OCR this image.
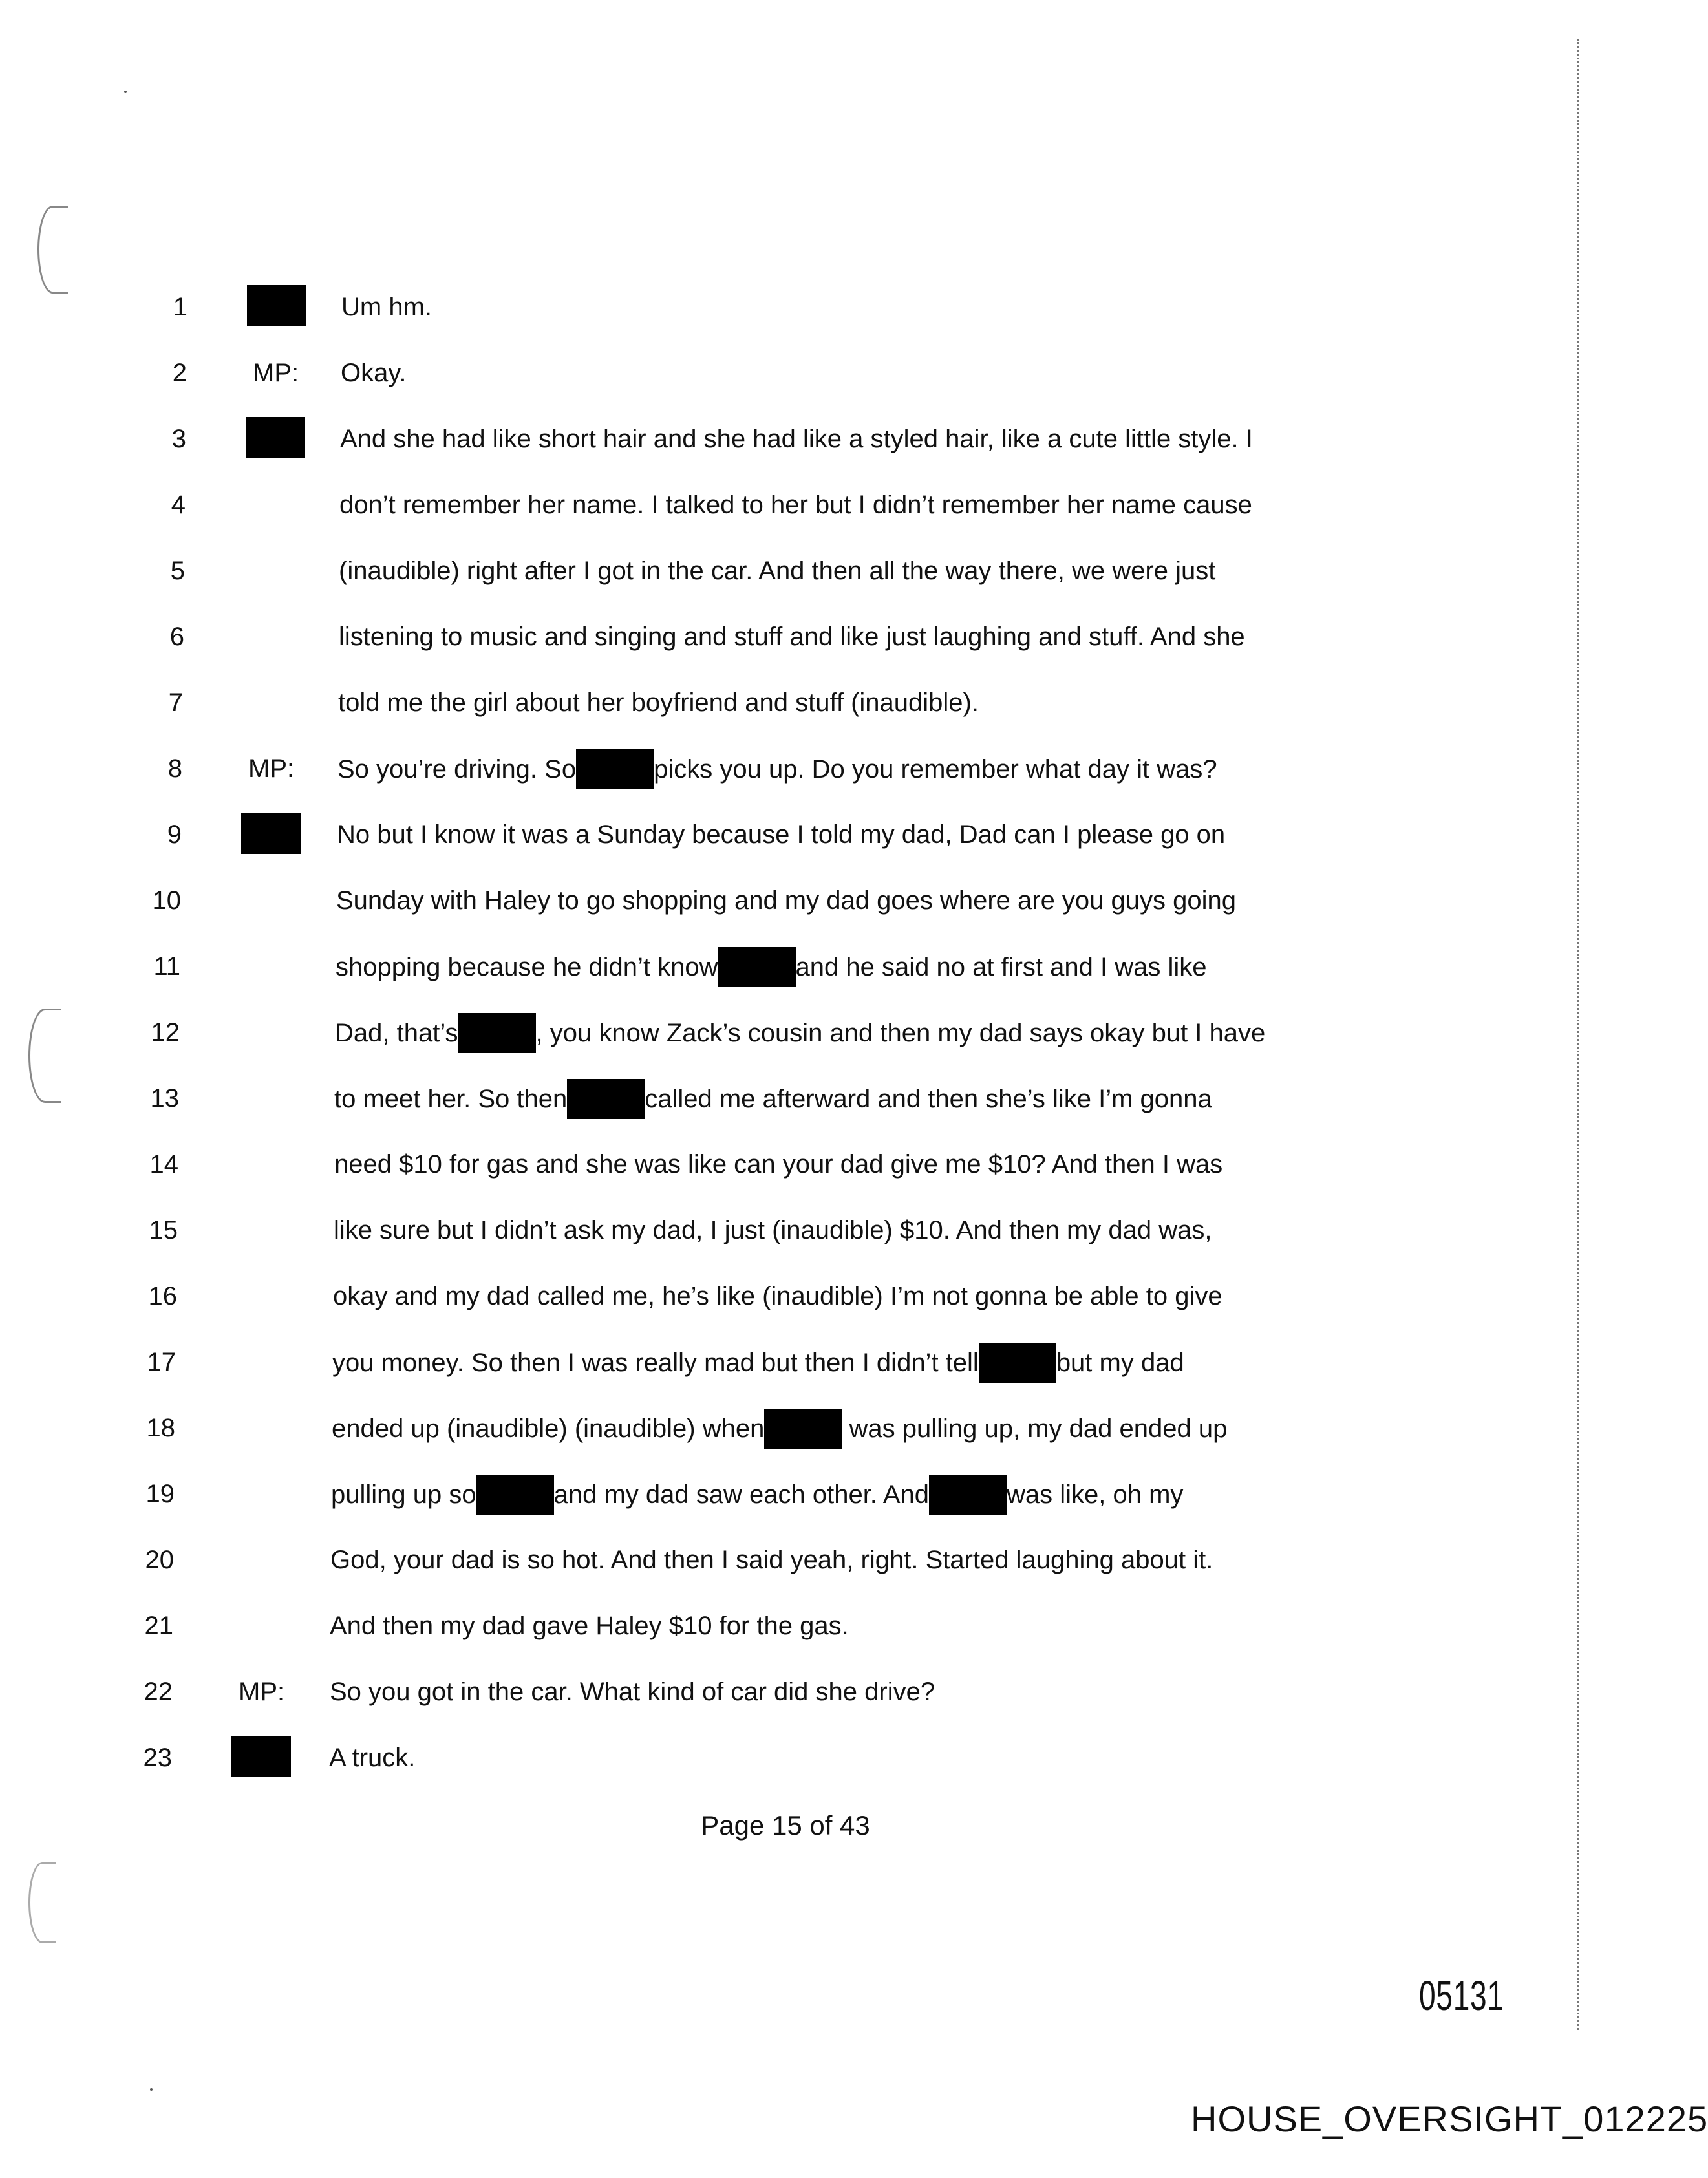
1	Um hm.
2	MP: Okay.
3	And she had like short hair and she had like a styled hair, like a cute little style. I
4	don’t remember her name. I talked to her but I didn’t remember her name cause
5	(inaudible) right after I got in the car. And then all the way there, we were just
6	listening to music and singing and stuff and like just laughing and stuff. And she
7	told me the girl about her boyfriend and stuff (inaudible).
8	MP: So you’re driving. So	picks you up. Do you remember what day it was?
9	No but I know it was a Sunday because I told my dad, Dad can I please go on
10	Sunday with Haley to go shopping and my dad goes where are you guys going
11	shopping because he didn’t know	and he said no at first and I was like
12	Dad, that’s	, you know Zack’s cousin and then my dad says okay but I have
13	to meet her. So then	called me afterward and then she’s like I’m gonna
14	need $10 for gas and she was like can your dad give me $10? And then I was
15	like sure but I didn’t ask my dad, I just (inaudible) $10. And then my dad was,
16	okay and my dad called me, he’s like (inaudible) I’m not gonna be able to give
17	you money. So then I was really mad but then I didn’t tell	but my dad
18	ended up (inaudible) (inaudible) when	was pulling up, my dad ended up
19	pulling up so	and my dad saw each other. And	was like, oh my
20	God, your dad is so hot. And then I said yeah, right. Started laughing about it.
21	And then my dad gave Haley $10 for the gas.
22	MP: So you got in the car. What kind of car did she drive?
23	A truck.
Page 15 of 43
05131
HOUSE_OVERSIGHT_012225
